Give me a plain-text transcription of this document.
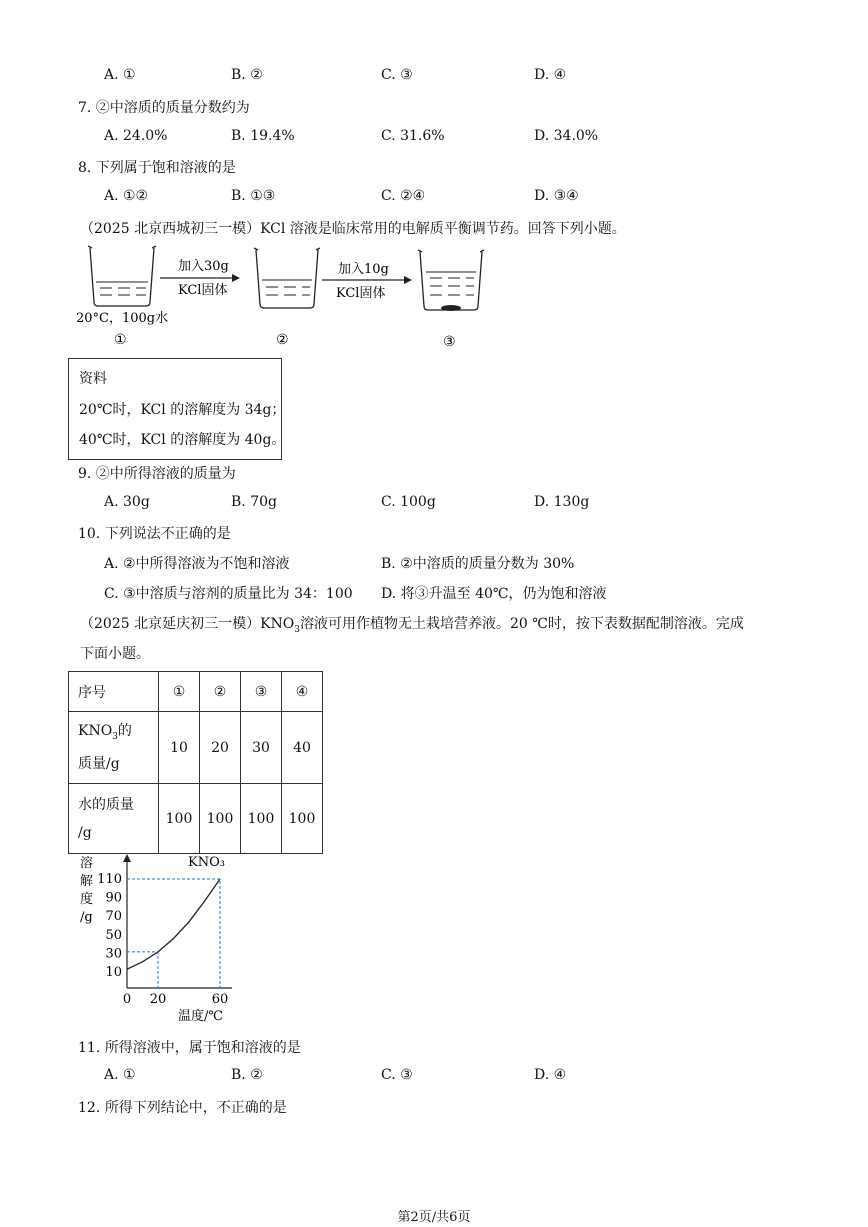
A. ①	B. ②	C. ③	D. ④
7. ②中溶质的质量分数约为
A. 24.0%	B. 19.4%	C. 31.6%	D. 34.0%
8. 下列属于饱和溶液的是
A. ①②	B. ①③	C. ②④	D. ③④
（2025 北京西城初三一模）KCl 溶液是临床常用的电解质平衡调节药。回答下列小题。
加入30g
KCl固体
加入10g
KCl固体
20°C，100g水
①	②	③
资料
20℃时，KCl 的溶解度为 34g；
40℃时，KCl 的溶解度为 40g。
9. ②中所得溶液的质量为
A. 30g	B. 70g	C. 100g	D. 130g
10. 下列说法不正确的是
A. ②中所得溶液为不饱和溶液	B. ②中溶质的质量分数为 30%
C. ③中溶质与溶剂的质量比为 34：100 D. 将③升温至 40℃，仍为饱和溶液
（2025 北京延庆初三一模）$KNO_3$溶液可用作植物无土栽培营养液。20 ℃时，按下表数据配制溶液。完成
下面小题。
序号	①	②	③	④
$KNO_3$的
质量/g	10	20	30	40
水的质量
/g	100	100	100	100
KNO₃
溶
解
度
/g
110
90
70
50
30
10
0 20	60
温度/℃
11. 所得溶液中，属于饱和溶液的是
A. ①	B. ②	C. ③	D. ④
12. 所得下列结论中，不正确的是
第2页/共6页
